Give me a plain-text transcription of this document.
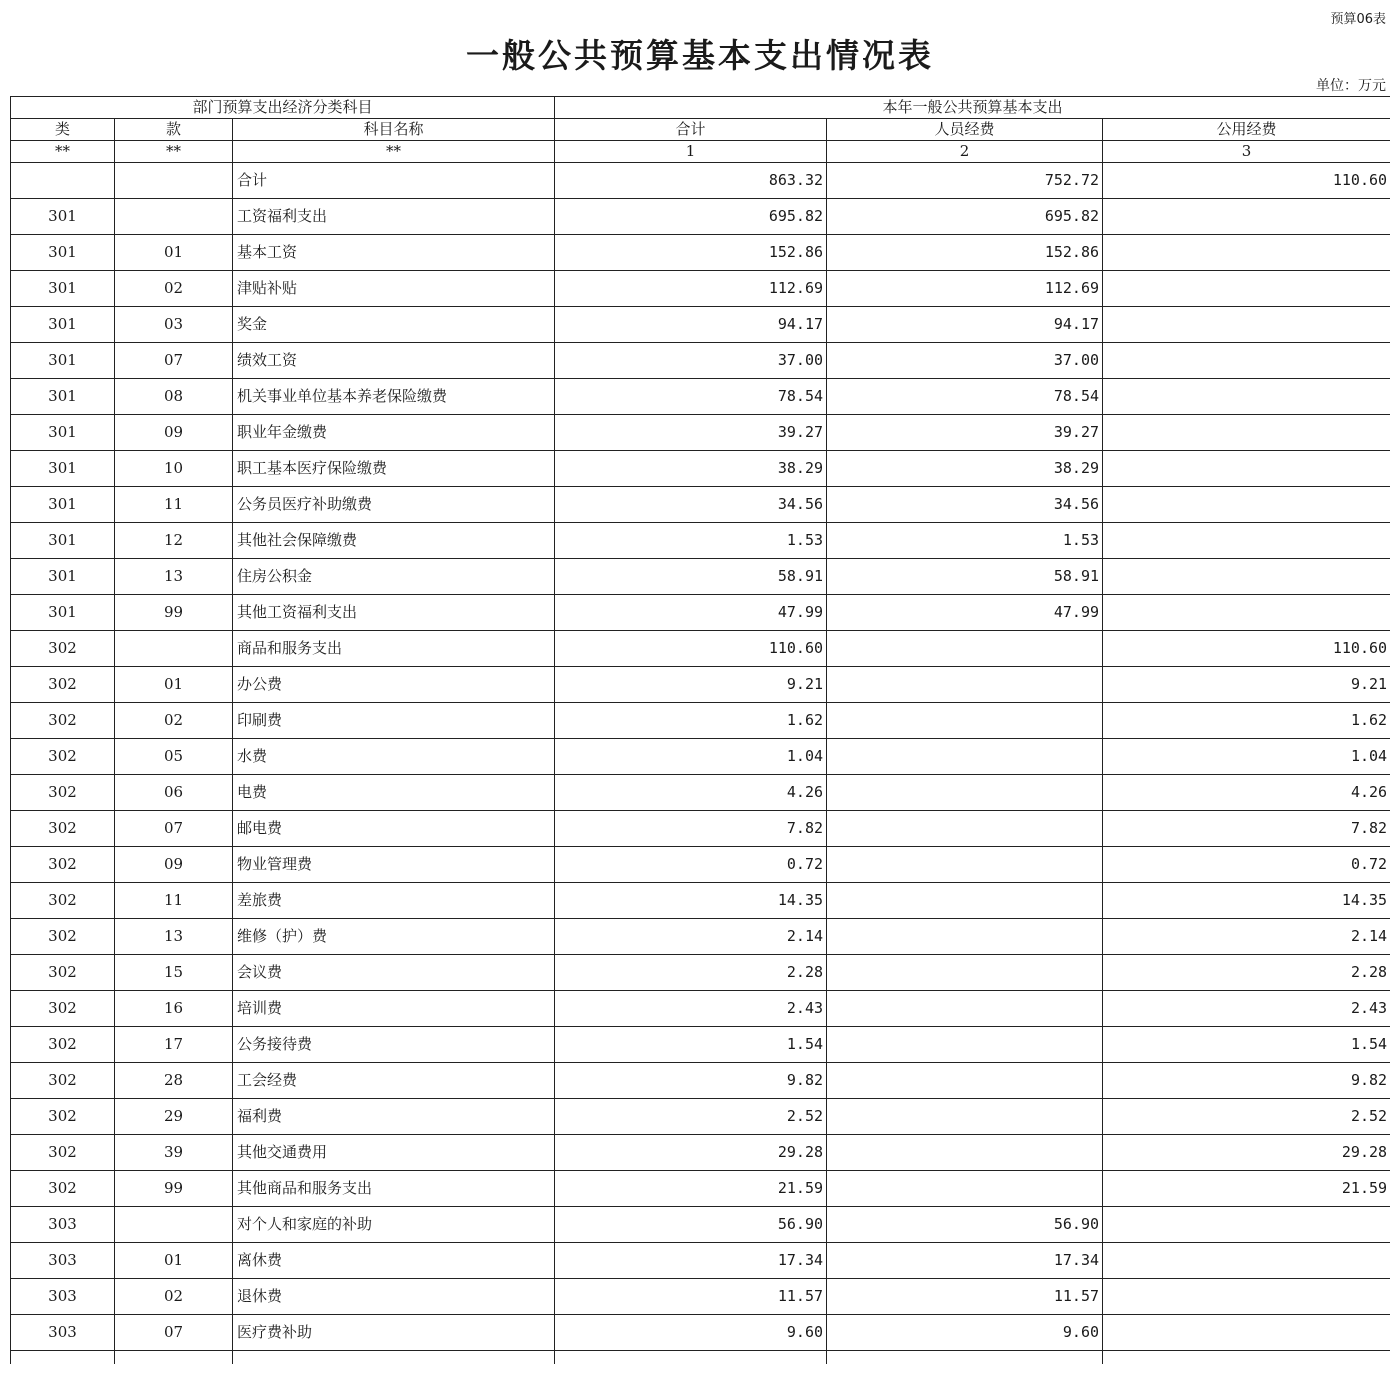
预算06表
一般公共预算基本支出情况表
单位：万元
部门预算支出经济分类科目			本年一般公共预算基本支出		
类	款	科目名称	合计	人员经费	公用经费
**	**	**	1	2	3
		合计	863.32	752.72	110.60
301		工资福利支出	695.82	695.82	
301	01	基本工资	152.86	152.86	
301	02	津贴补贴	112.69	112.69	
301	03	奖金	94.17	94.17	
301	07	绩效工资	37.00	37.00	
301	08	机关事业单位基本养老保险缴费	78.54	78.54	
301	09	职业年金缴费	39.27	39.27	
301	10	职工基本医疗保险缴费	38.29	38.29	
301	11	公务员医疗补助缴费	34.56	34.56	
301	12	其他社会保障缴费	1.53	1.53	
301	13	住房公积金	58.91	58.91	
301	99	其他工资福利支出	47.99	47.99	
302		商品和服务支出	110.60		110.60
302	01	办公费	9.21		9.21
302	02	印刷费	1.62		1.62
302	05	水费	1.04		1.04
302	06	电费	4.26		4.26
302	07	邮电费	7.82		7.82
302	09	物业管理费	0.72		0.72
302	11	差旅费	14.35		14.35
302	13	维修（护）费	2.14		2.14
302	15	会议费	2.28		2.28
302	16	培训费	2.43		2.43
302	17	公务接待费	1.54		1.54
302	28	工会经费	9.82		9.82
302	29	福利费	2.52		2.52
302	39	其他交通费用	29.28		29.28
302	99	其他商品和服务支出	21.59		21.59
303		对个人和家庭的补助	56.90	56.90	
303	01	离休费	17.34	17.34	
303	02	退休费	11.57	11.57	
303	07	医疗费补助	9.60	9.60	
